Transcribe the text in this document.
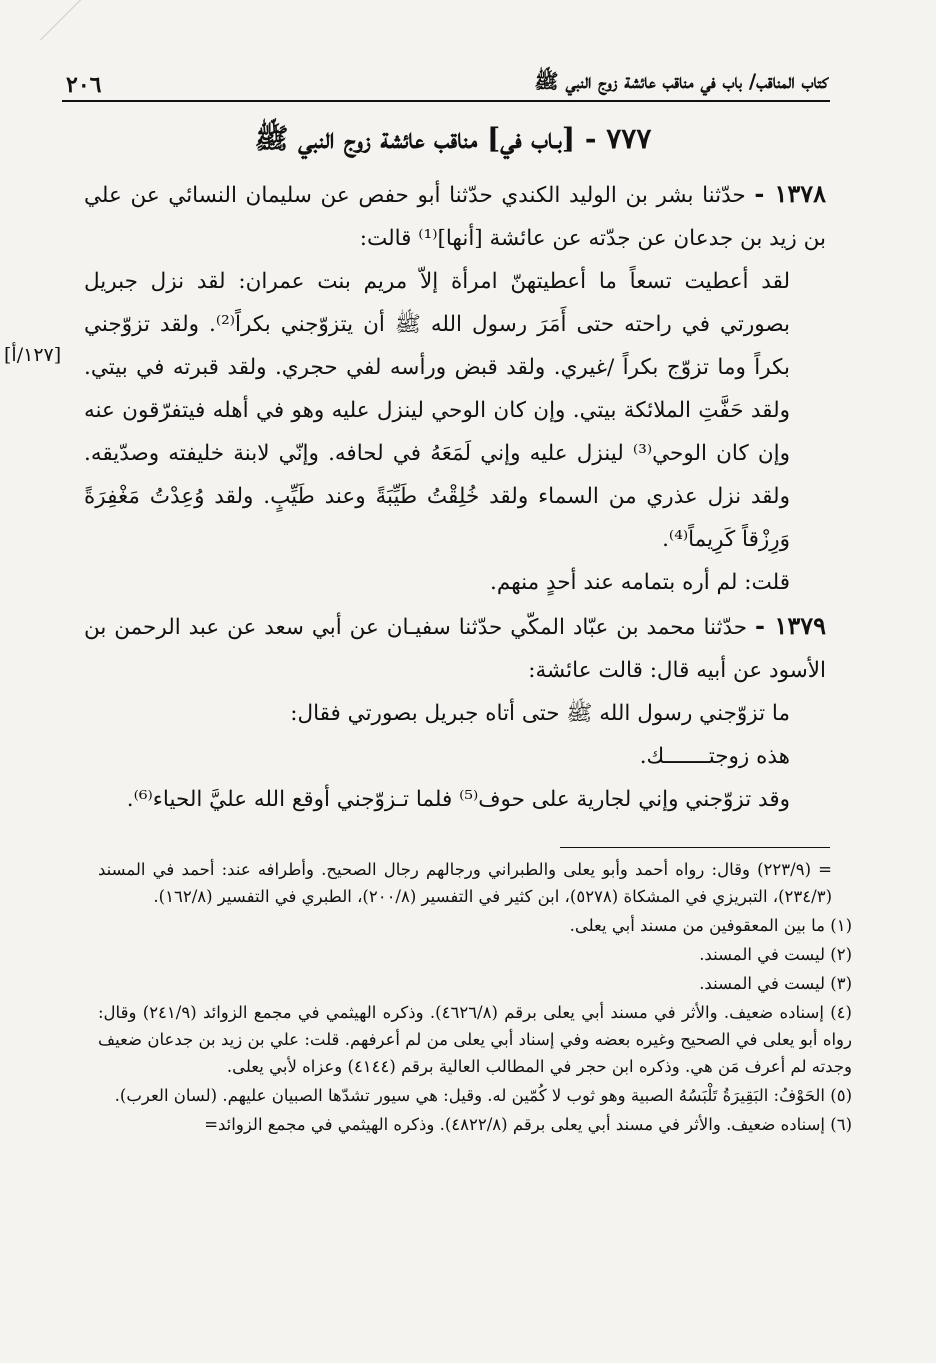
كتاب المناقب/ باب في مناقب عائشة زوج النبي ﷺ
٢٠٦
٧٧٧ - [بـاب في] مناقب عائشة زوج النبي ﷺ
[١٢٧/أ]

١٣٧٨ - حدّثنا بشر بن الوليد الكندي حدّثنا أبو حفص عن سليمان النسائي عن علي بن زيد بن جدعان عن جدّته عن عائشة [أنها]⁽¹⁾ قالت:

لقد أعطيت تسعاً ما أعطيتهنّ امرأة إلاّ مريم بنت عمران: لقد نزل جبريل بصورتي في راحته حتى أَمَرَ رسول الله ﷺ أن يتزوّجني بكراً⁽²⁾. ولقد تزوّجني بكراً وما تزوّج بكراً /غيري. ولقد قبض ورأسه لفي حجري. ولقد قبرته في بيتي. ولقد حَفَّتِ الملائكة بيتي. وإن كان الوحي لينزل عليه وهو في أهله فيتفرّقون عنه وإن كان الوحي⁽³⁾ لينزل عليه وإني لَمَعَهُ في لحافه. وإنّي لابنة خليفته وصدّيقه. ولقد نزل عذري من السماء ولقد خُلِقْتُ طَيِّبَةً وعند طَيِّبٍ. ولقد وُعِدْتُ مَغْفِرَةً وَرِزْقاً كَرِيماً⁽⁴⁾.

قلت: لم أره بتمامه عند أحدٍ منهم.

١٣٧٩ - حدّثنا محمد بن عبّاد المكّي حدّثنا سفيـان عن أبي سعد عن عبد الرحمن بن الأسود عن أبيه قال: قالت عائشة:

ما تزوّجني رسول الله ﷺ حتى أتاه جبريل بصورتي فقال:

هذه زوجتـــــــك.

وقد تزوّجني وإني لجارية على حوف⁽⁵⁾ فلما تـزوّجني أوقع الله عليَّ الحياء⁽⁶⁾.

= (٢٢٣/٩) وقال: رواه أحمد وأبو يعلى والطبراني ورجالهم رجال الصحيح. وأطرافه عند: أحمد في المسند (٢٣٤/٣)، التبريزي في المشكاة (٥٢٧٨)، ابن كثير في التفسير (٢٠٠/٨)، الطبري في التفسير (١٦٢/٨).

(١) ما بين المعقوفين من مسند أبي يعلى.

(٢) ليست في المسند.

(٣) ليست في المسند.

(٤) إسناده ضعيف. والأثر في مسند أبي يعلى برقم (٤٦٢٦/٨). وذكره الهيثمي في مجمع الزوائد (٢٤١/٩) وقال: رواه أبو يعلى في الصحيح وغيره بعضه وفي إسناد أبي يعلى من لم أعرفهم. قلت: علي بن زيد بن جدعان ضعيف وجدته لم أعرف مَن هي. وذكره ابن حجر في المطالب العالية برقم (٤١٤٤) وعزاه لأبي يعلى.

(٥) الحَوْفُ: البَقِيرَةُ تَلْبَسُهُ الصبية وهو ثوب لا كُمّين له. وقيل: هي سيور تشدّها الصبيان عليهم. (لسان العرب).

(٦) إسناده ضعيف. والأثر في مسند أبي يعلى برقم (٤٨٢٢/٨). وذكره الهيثمي في مجمع الزوائد=
